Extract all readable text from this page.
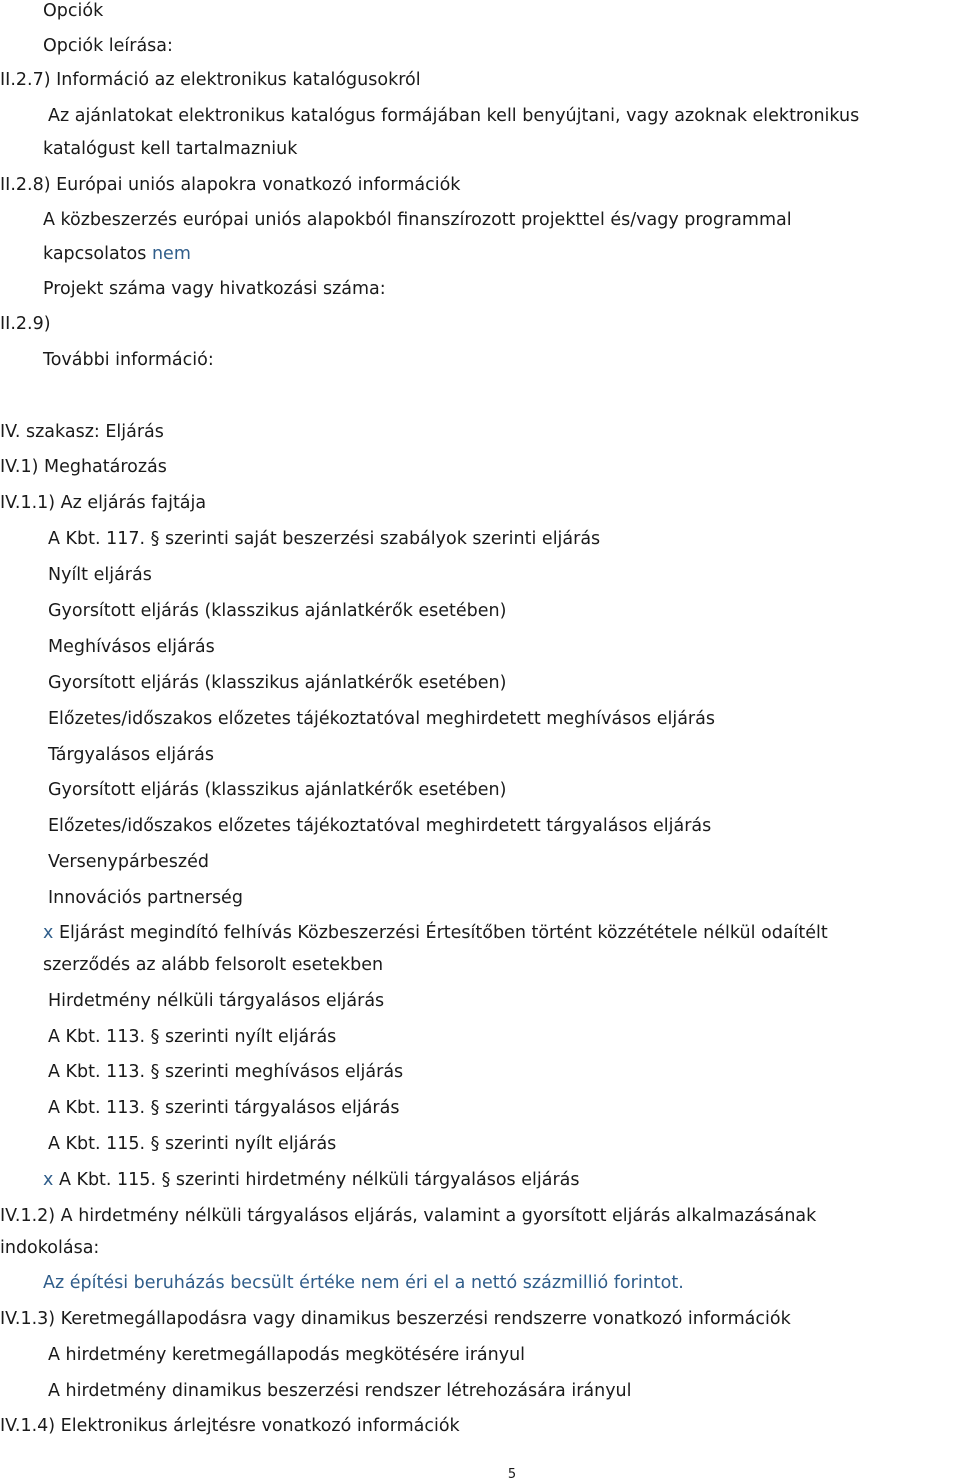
Opciók
Opciók leírása:
II.2.7) Információ az elektronikus katalógusokról
Az ajánlatokat elektronikus katalógus formájában kell benyújtani, vagy azoknak elektronikus
katalógust kell tartalmazniuk
II.2.8) Európai uniós alapokra vonatkozó információk
A közbeszerzés európai uniós alapokból finanszírozott projekttel és/vagy programmal
kapcsolatos nem
Projekt száma vagy hivatkozási száma:
II.2.9)
További információ:
IV. szakasz: Eljárás
IV.1) Meghatározás
IV.1.1) Az eljárás fajtája
A Kbt. 117. § szerinti saját beszerzési szabályok szerinti eljárás
Nyílt eljárás
Gyorsított eljárás (klasszikus ajánlatkérők esetében)
Meghívásos eljárás
Gyorsított eljárás (klasszikus ajánlatkérők esetében)
Előzetes/időszakos előzetes tájékoztatóval meghirdetett meghívásos eljárás
Tárgyalásos eljárás
Gyorsított eljárás (klasszikus ajánlatkérők esetében)
Előzetes/időszakos előzetes tájékoztatóval meghirdetett tárgyalásos eljárás
Versenypárbeszéd
Innovációs partnerség
x Eljárást megindító felhívás Közbeszerzési Értesítőben történt közzététele nélkül odaítélt
szerződés az alább felsorolt esetekben
Hirdetmény nélküli tárgyalásos eljárás
A Kbt. 113. § szerinti nyílt eljárás
A Kbt. 113. § szerinti meghívásos eljárás
A Kbt. 113. § szerinti tárgyalásos eljárás
A Kbt. 115. § szerinti nyílt eljárás
x A Kbt. 115. § szerinti hirdetmény nélküli tárgyalásos eljárás
IV.1.2) A hirdetmény nélküli tárgyalásos eljárás, valamint a gyorsított eljárás alkalmazásának
indokolása:
Az építési beruházás becsült értéke nem éri el a nettó százmillió forintot.
IV.1.3) Keretmegállapodásra vagy dinamikus beszerzési rendszerre vonatkozó információk
A hirdetmény keretmegállapodás megkötésére irányul
A hirdetmény dinamikus beszerzési rendszer létrehozására irányul
IV.1.4) Elektronikus árlejtésre vonatkozó információk
5
